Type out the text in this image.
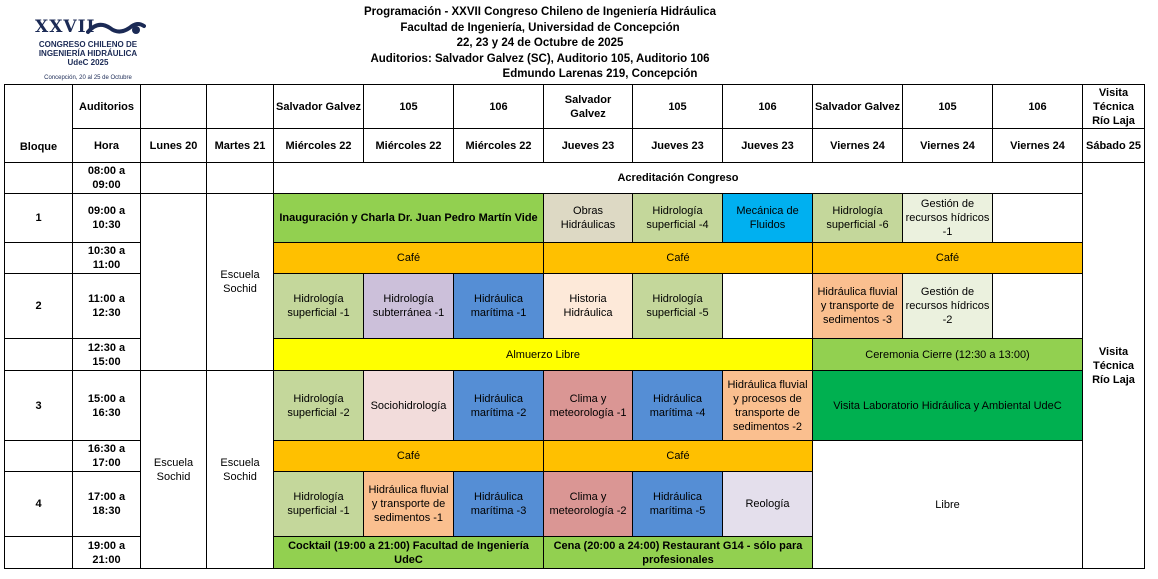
XXVII
CONGRESO CHILENO DE
INGENIERÍA HIDRÁULICA
UdeC 2025
Concepción, 20 al 25 de Octubre
Programación - XXVII Congreso Chileno de Ingeniería Hidráulica
Facultad de Ingeniería, Universidad de Concepción
22, 23 y 24 de Octubre de 2025
Auditorios: Salvador Galvez (SC), Auditorio 105, Auditorio 106
Edmundo Larenas 219, Concepción
Bloque	Auditorios			Salvador Galvez	105	106	Salvador Galvez	105	106	Salvador Galvez	105	106	Visita Técnica Río Laja
	Hora	Lunes 20	Martes 21	Miércoles 22	Miércoles 22	Miércoles 22	Jueves 23	Jueves 23	Jueves 23	Viernes 24	Viernes 24	Viernes 24	Sábado 25
	08:00 a 09:00			Acreditación Congreso									Visita Técnica Río Laja
1	09:00 a 10:30		Escuela Sochid	Inauguración y Charla Dr. Juan Pedro Martín Vide			Obras Hidráulicas	Hidrología superficial -4	Mecánica de Fluidos	Hidrología superficial -6	Gestión de recursos hídricos -1		
	10:30 a 11:00			Café			Café			Café			
2	11:00 a 12:30			Hidrología superficial -1	Hidrología subterránea -1	Hidráulica marítima -1	Historia Hidráulica	Hidrología superficial -5		Hidráulica fluvial y transporte de sedimentos -3	Gestión de recursos hídricos -2		
	12:30 a 15:00			Almuerzo Libre						Ceremonia Cierre (12:30 a 13:00)			
3	15:00 a 16:30	Escuela Sochid	Escuela Sochid	Hidrología superficial -2	Sociohidrología	Hidráulica marítima -2	Clima y meteorología -1	Hidráulica marítima -4	Hidráulica fluvial y procesos de transporte de sedimentos -2	Visita Laboratorio Hidráulica y Ambiental UdeC			
	16:30 a 17:00			Café			Café			Libre			
4	17:00 a 18:30			Hidrología superficial -1	Hidráulica fluvial y transporte de sedimentos -1	Hidráulica marítima -3	Clima y meteorología -2	Hidráulica marítima -5	Reología				
	19:00 a 21:00			Cocktail (19:00 a 21:00) Facultad de Ingeniería UdeC			Cena (20:00 a 24:00) Restaurant G14 - sólo para profesionales						
